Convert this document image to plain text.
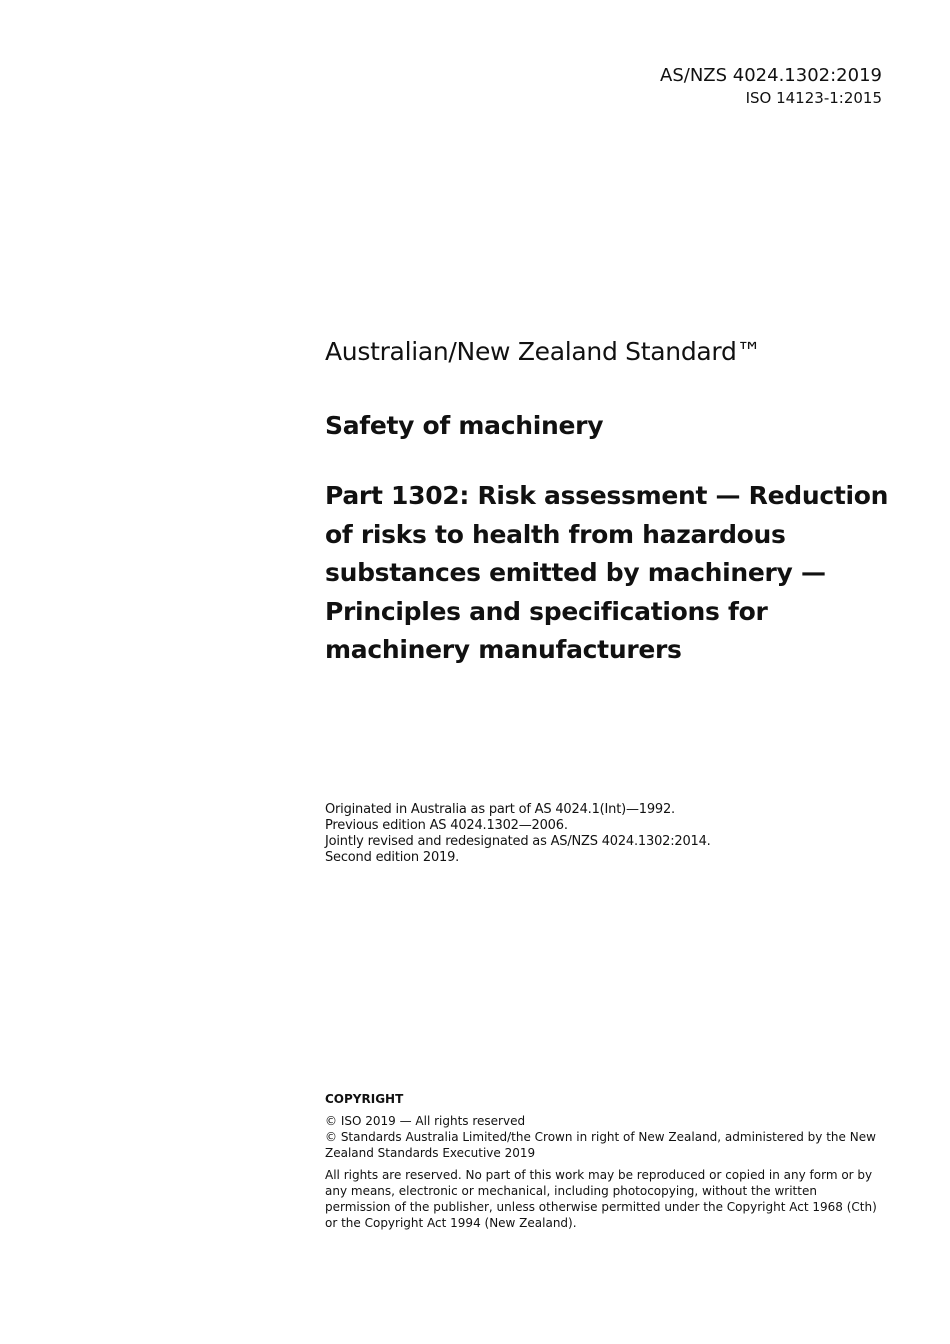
AS/NZS 4024.1302:2019
ISO 14123-1:2015

Australian/New Zealand Standard™

Safety of machinery
Part 1302: Risk assessment — Reduction of risks to health from hazardous substances emitted by machinery — Principles and specifications for machinery manufacturers
Originated in Australia as part of AS 4024.1(Int)—1992.
Previous edition AS 4024.1302—2006.
Jointly revised and redesignated as AS/NZS 4024.1302:2014.
Second edition 2019.
COPYRIGHT
© ISO 2019 — All rights reserved
© Standards Australia Limited/the Crown in right of New Zealand, administered by the New Zealand Standards Executive 2019
All rights are reserved. No part of this work may be reproduced or copied in any form or by any means, electronic or mechanical, including photocopying, without the written permission of the publisher, unless otherwise permitted under the Copyright Act 1968 (Cth) or the Copyright Act 1994 (New Zealand).
